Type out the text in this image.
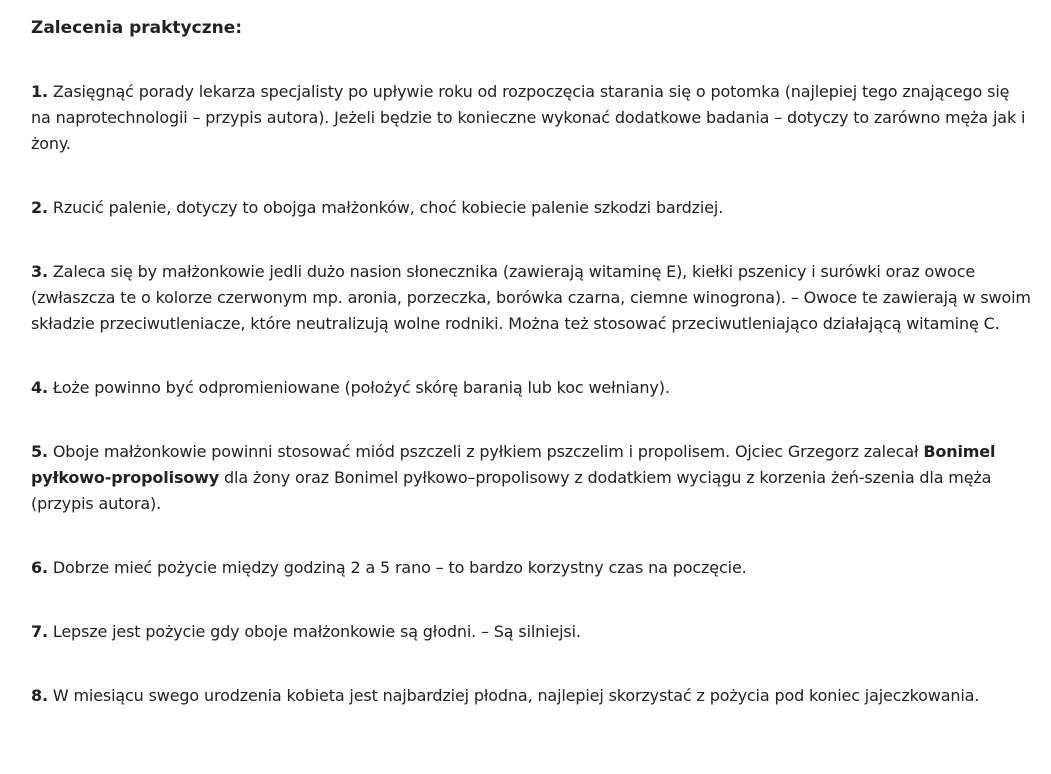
Zalecenia praktyczne:

1. Zasięgnąć porady lekarza specjalisty po upływie roku od rozpoczęcia starania się o potomka (najlepiej tego znającego się na naprotechnologii – przypis autora). Jeżeli będzie to konieczne wykonać dodatkowe badania – dotyczy to zarówno męża jak i żony.

2. Rzucić palenie, dotyczy to obojga małżonków, choć kobiecie palenie szkodzi bardziej.

3. Zaleca się by małżonkowie jedli dużo nasion słonecznika (zawierają witaminę E), kiełki pszenicy i surówki oraz owoce (zwłaszcza te o kolorze czerwonym mp. aronia, porzeczka, borówka czarna, ciemne winogrona). – Owoce te zawierają w swoim składzie przeciwutleniacze, które neutralizują wolne rodniki. Można też stosować przeciwutleniająco działającą witaminę C.

4. Łoże powinno być odpromieniowane (położyć skórę baranią lub koc wełniany).

5. Oboje małżonkowie powinni stosować miód pszczeli z pyłkiem pszczelim i propolisem. Ojciec Grzegorz zalecał Bonimel pyłkowo-propolisowy dla żony oraz Bonimel pyłkowo–propolisowy z dodatkiem wyciągu z korzenia żeń-szenia dla męża (przypis autora).

6. Dobrze mieć pożycie między godziną 2 a 5 rano – to bardzo korzystny czas na poczęcie.

7. Lepsze jest pożycie gdy oboje małżonkowie są głodni. – Są silniejsi.

8. W miesiącu swego urodzenia kobieta jest najbardziej płodna, najlepiej skorzystać z pożycia pod koniec jajeczkowania.
